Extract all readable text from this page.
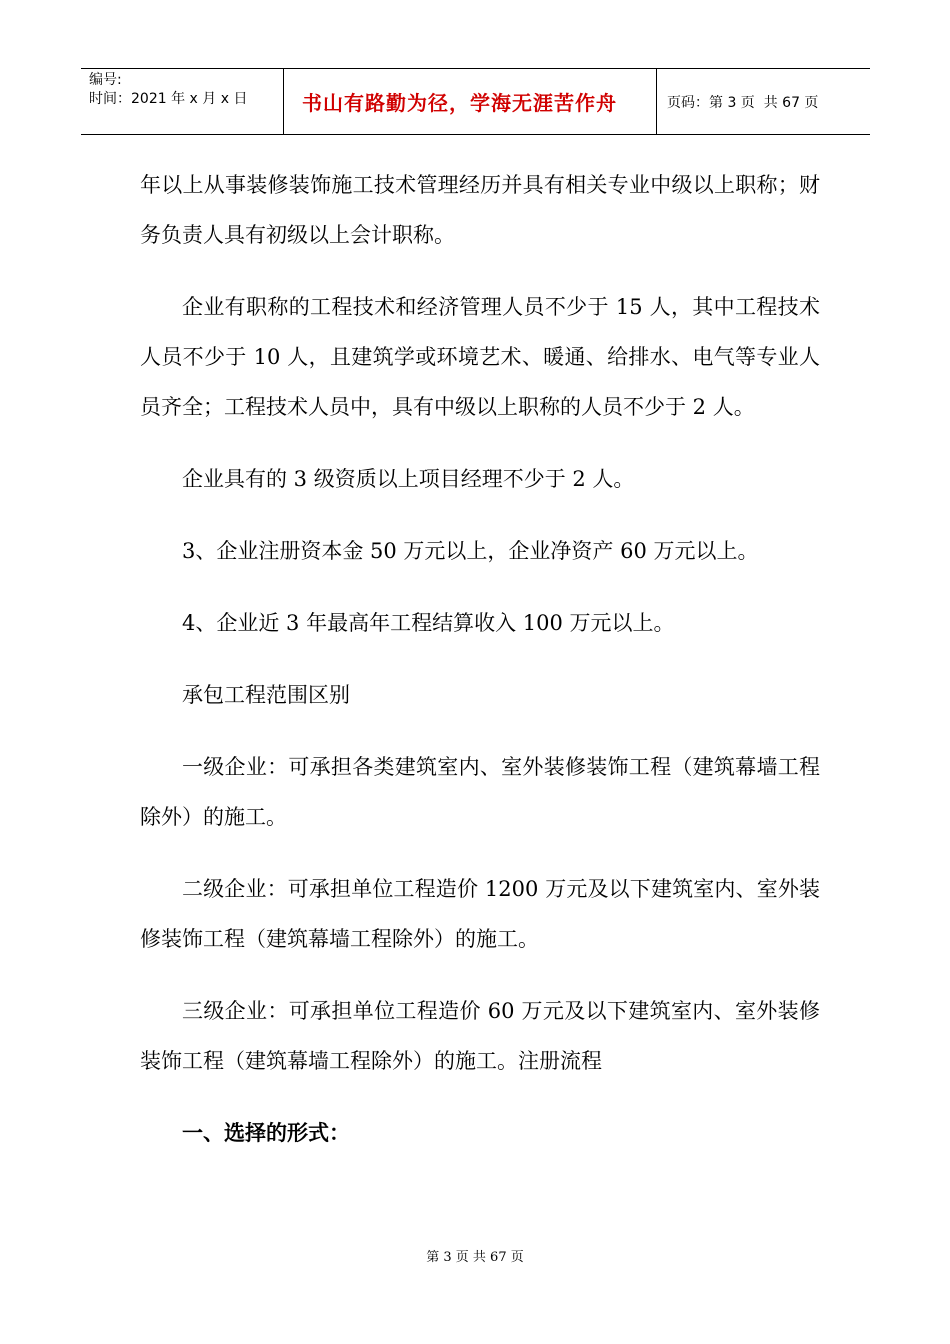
编号:
时间：2021 年 x 月 x 日	书山有路勤为径，学海无涯苦作舟	页码：第 3 页  共 67 页

年以上从事装修装饰施工技术管理经历并具有相关专业中级以上职称；财务负责人具有初级以上会计职称。

企业有职称的工程技术和经济管理人员不少于 15 人，其中工程技术人员不少于 10 人，且建筑学或环境艺术、暖通、给排水、电气等专业人员齐全；工程技术人员中，具有中级以上职称的人员不少于 2 人。

企业具有的 3 级资质以上项目经理不少于 2 人。

3、企业注册资本金 50 万元以上，企业净资产 60 万元以上。

4、企业近 3 年最高年工程结算收入 100 万元以上。

承包工程范围区别

一级企业：可承担各类建筑室内、室外装修装饰工程（建筑幕墙工程除外）的施工。

二级企业：可承担单位工程造价 1200 万元及以下建筑室内、室外装修装饰工程（建筑幕墙工程除外）的施工。

三级企业：可承担单位工程造价 60 万元及以下建筑室内、室外装修装饰工程（建筑幕墙工程除外）的施工。注册流程

一、选择的形式：

第 3 页 共 67 页
